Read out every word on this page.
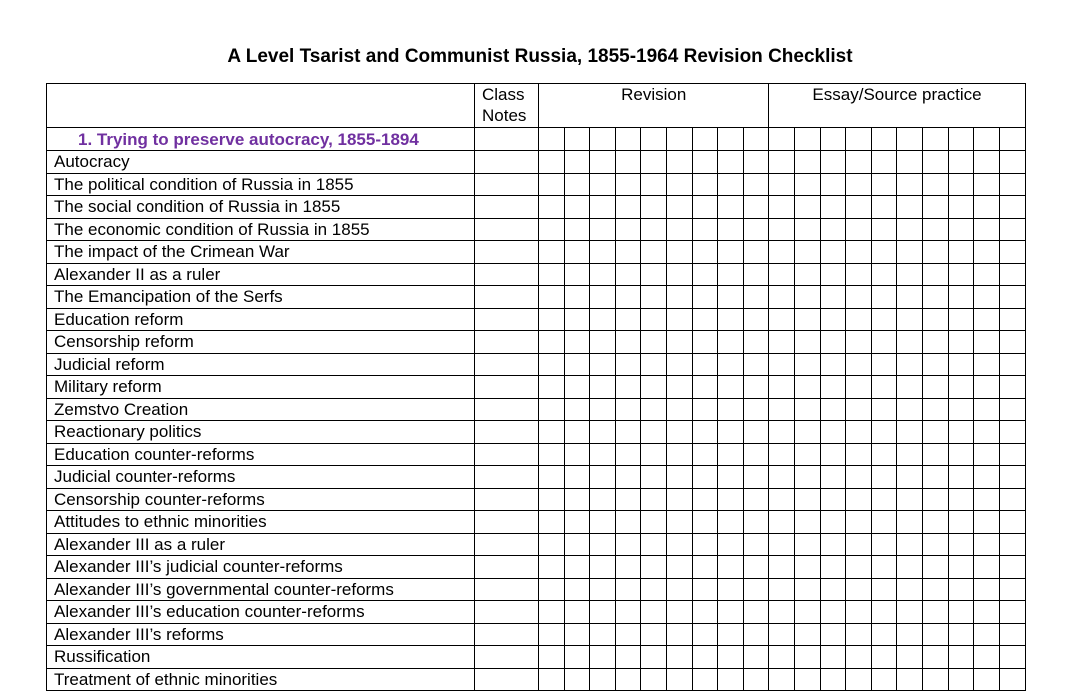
A Level Tsarist and Communist Russia, 1855-1964 Revision Checklist
	Class Notes	Revision									Essay/Source practice									
1. Trying to preserve autocracy, 1855-1894																				
Autocracy																				
The political condition of Russia in 1855																				
The social condition of Russia in 1855																				
The economic condition of Russia in 1855																				
The impact of the Crimean War																				
Alexander II as a ruler																				
The Emancipation of the Serfs																				
Education reform																				
Censorship reform																				
Judicial reform																				
Military reform																				
Zemstvo Creation																				
Reactionary politics																				
Education counter-reforms																				
Judicial counter-reforms																				
Censorship counter-reforms																				
Attitudes to ethnic minorities																				
Alexander III as a ruler																				
Alexander III’s judicial counter-reforms																				
Alexander III’s governmental counter-reforms																				
Alexander III’s education counter-reforms																				
Alexander III’s reforms																				
Russification																				
Treatment of ethnic minorities																				
